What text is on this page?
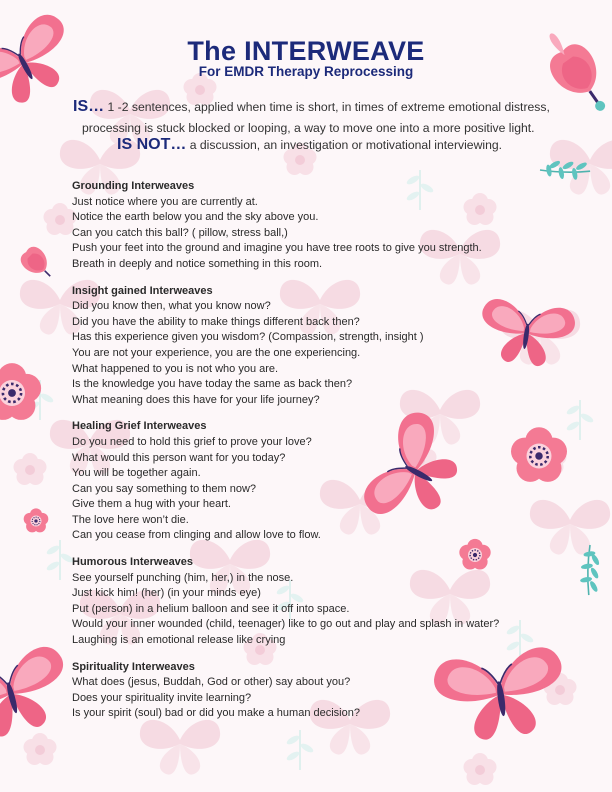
The INTERWEAVE
For EMDR Therapy Reprocessing
IS… 1 -2 sentences, applied when time is short, in times of extreme emotional distress,
processing is stuck blocked or looping, a way to move one into a more positive light.
IS NOT… a discussion, an investigation or motivational interviewing.
Grounding Interweaves
Just notice where you are currently at.
Notice the earth below you and the sky above you.
Can you catch this ball? ( pillow, stress ball,)
Push your feet into the ground and imagine you have tree roots to give you strength.
Breath in deeply and notice something in this room.
Insight gained Interweaves
Did you know then, what you know now?
Did you have the ability to make things different back then?
Has this experience given you wisdom? (Compassion, strength, insight )
You are not your experience, you are the one experiencing.
What happened to you is not who you are.
Is the knowledge you have today the same as back then?
What meaning does this have for your life journey?
Healing Grief Interweaves
Do you need to hold this grief to prove your love?
What would this person want for you today?
You will be together again.
Can you say something to them now?
Give them a hug with your heart.
The love here won’t die.
Can you cease from clinging and allow love to flow.
Humorous Interweaves
See yourself punching (him, her,) in the nose.
Just kick him! (her) (in your minds eye)
Put (person) in a helium balloon and see it off into space.
Would your inner wounded (child, teenager) like to go out and play and splash in water?
Laughing is an emotional release like crying
Spirituality Interweaves
What does (jesus, Buddah, God or other) say about you?
Does your spirituality invite learning?
Is your spirit (soul) bad or did you make a human decision?
